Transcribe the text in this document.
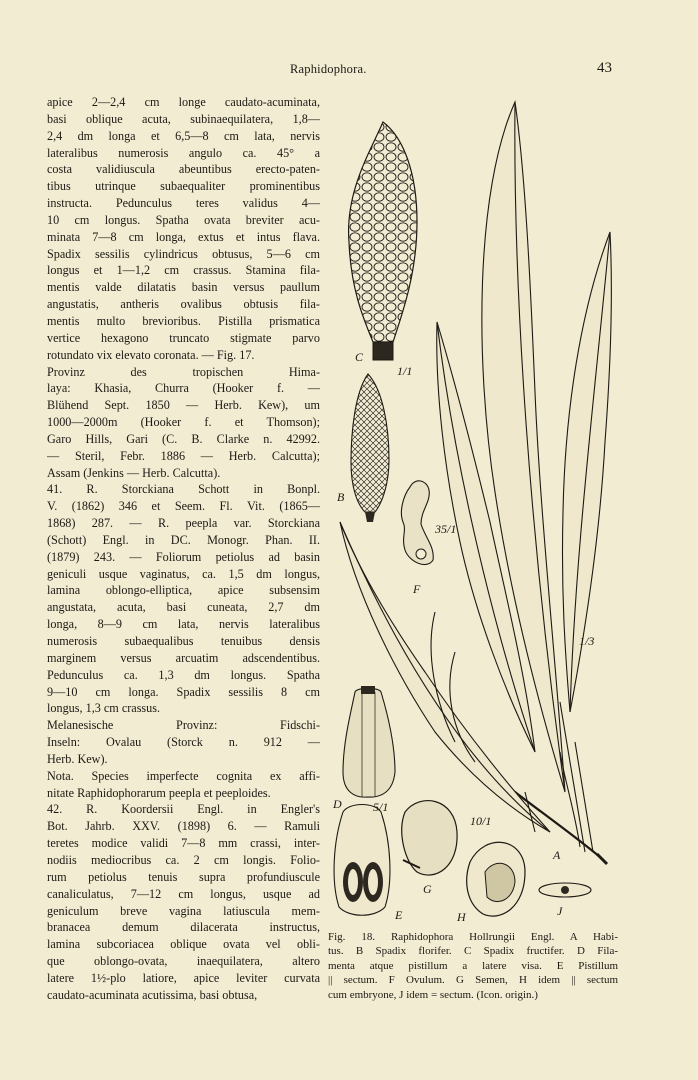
Raphidophora.	43
apice 2—2,4 cm longe caudato-acuminata,
basi oblique acuta, subinaequilatera, 1,8—
2,4 dm longa et 6,5—8 cm lata, nervis
lateralibus numerosis angulo ca. 45° a
costa validiuscula abeuntibus erecto-paten-
tibus utrinque subaequaliter prominentibus
instructa. Pedunculus teres validus 4—
10 cm longus. Spatha ovata breviter acu-
minata 7—8 cm longa, extus et intus flava.
Spadix sessilis cylindricus obtusus, 5—6 cm
longus et 1—1,2 cm crassus. Stamina fila-
mentis valde dilatatis basin versus paullum
angustatis, antheris ovalibus obtusis fila-
mentis multo brevioribus. Pistilla prismatica
vertice hexagono truncato stigmate parvo
rotundato vix elevato coronata. — Fig. 17.
Provinz des tropischen Hima-
laya: Khasia, Churra (Hooker f. —
Blühend Sept. 1850 — Herb. Kew), um
1000—2000m (Hooker f. et Thomson);
Garo Hills, Gari (C. B. Clarke n. 42992.
— Steril, Febr. 1886 — Herb. Calcutta);
Assam (Jenkins — Herb. Calcutta).
41. R. Storckiana Schott in Bonpl.
V. (1862) 346 et Seem. Fl. Vit. (1865—
1868) 287. — R. peepla var. Storckiana
(Schott) Engl. in DC. Monogr. Phan. II.
(1879) 243. — Foliorum petiolus ad basin
geniculi usque vaginatus, ca. 1,5 dm longus,
lamina oblongo-elliptica, apice subsensim
angustata, acuta, basi cuneata, 2,7 dm
longa, 8—9 cm lata, nervis lateralibus
numerosis subaequalibus tenuibus densis
marginem versus arcuatim adscendentibus.
Pedunculus ca. 1,3 dm longus. Spatha
9—10 cm longa. Spadix sessilis 8 cm
longus, 1,3 cm crassus.
Melanesische Provinz: Fidschi-
Inseln: Ovalau (Storck n. 912 —
Herb. Kew).
Nota. Species imperfecte cognita ex affi-
nitate Raphidophorarum peepla et peeploides.
42. R. Koordersii Engl. in Engler's
Bot. Jahrb. XXV. (1898) 6. — Ramuli
teretes modice validi 7—8 mm crassi, inter-
nodiis mediocribus ca. 2 cm longis. Folio-
rum petiolus tenuis supra profundiuscule
canaliculatus, 7—12 cm longus, usque ad
geniculum breve vagina latiuscula mem-
branacea demum dilacerata instructus,
lamina subcoriacea oblique ovata vel obli-
que oblongo-ovata, inaequilatera, altero
latere 1½-plo latiore, apice leviter curvata
caudato-acuminata acutissima, basi obtusa,
C
1/1
B
F
35/1
1/3
D	5/1
10/1
A
G
E	H	J
Fig. 18. Raphidophora Hollrungii Engl. A Habi-
tus. B Spadix florifer. C Spadix fructifer. D Fila-
menta atque pistillum a latere visa. E Pistillum
|| sectum. F Ovulum. G Semen, H idem || sectum
cum embryone, J idem = sectum. (Icon. origin.)
